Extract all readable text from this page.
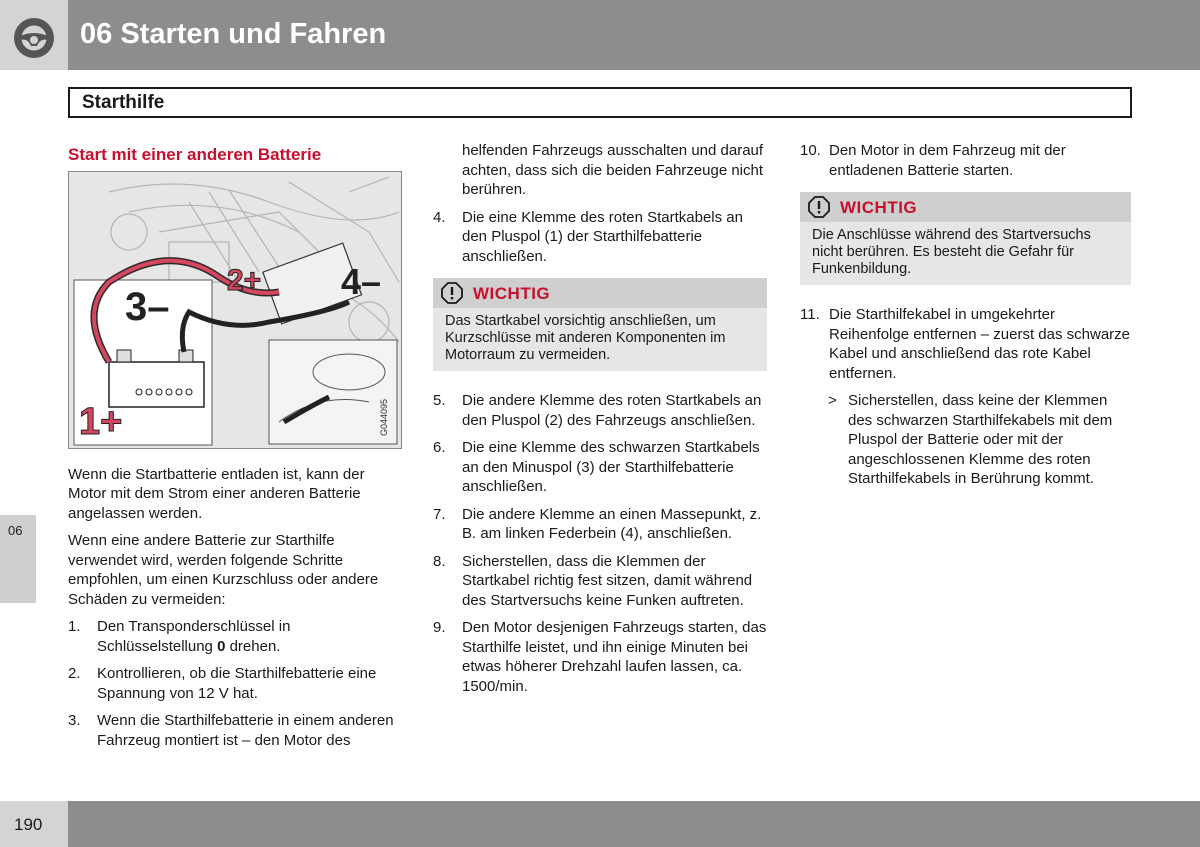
06 Starten und Fahren
Starthilfe
06
Start mit einer anderen Batterie
1+
2+
3–
4–
G044095

Wenn die Startbatterie entladen ist, kann der Motor mit dem Strom einer anderen Batterie angelassen werden.

Wenn eine andere Batterie zur Starthilfe verwendet wird, werden folgende Schritte empfohlen, um einen Kurzschluss oder andere Schäden zu vermeiden:

1. Den Transponderschlüssel in Schlüsselstellung 0 drehen.
2. Kontrollieren, ob die Starthilfebatterie eine Spannung von 12 V hat.
3. Wenn die Starthilfebatterie in einem anderen Fahrzeug montiert ist – den Motor des
helfenden Fahrzeugs ausschalten und darauf achten, dass sich die beiden Fahrzeuge nicht berühren.
4. Die eine Klemme des roten Startkabels an den Pluspol (1) der Starthilfebatterie anschließen.
WICHTIG
Das Startkabel vorsichtig anschließen, um Kurzschlüsse mit anderen Komponenten im Motorraum zu vermeiden.
5. Die andere Klemme des roten Startkabels an den Pluspol (2) des Fahrzeugs anschließen.
6. Die eine Klemme des schwarzen Startkabels an den Minuspol (3) der Starthilfebatterie anschließen.
7. Die andere Klemme an einen Massepunkt, z. B. am linken Federbein (4), anschließen.
8. Sicherstellen, dass die Klemmen der Startkabel richtig fest sitzen, damit während des Startversuchs keine Funken auftreten.
9. Den Motor desjenigen Fahrzeugs starten, das Starthilfe leistet, und ihn einige Minuten bei etwas höherer Drehzahl laufen lassen, ca. 1500/min.
10. Den Motor in dem Fahrzeug mit der entladenen Batterie starten.
WICHTIG
Die Anschlüsse während des Startversuchs nicht berühren. Es besteht die Gefahr für Funkenbildung.
11. Die Starthilfekabel in umgekehrter Reihenfolge entfernen – zuerst das schwarze Kabel und anschließend das rote Kabel entfernen.
> Sicherstellen, dass keine der Klemmen des schwarzen Starthilfekabels mit dem Pluspol der Batterie oder mit der angeschlossenen Klemme des roten Starthilfekabels in Berührung kommt.
190
